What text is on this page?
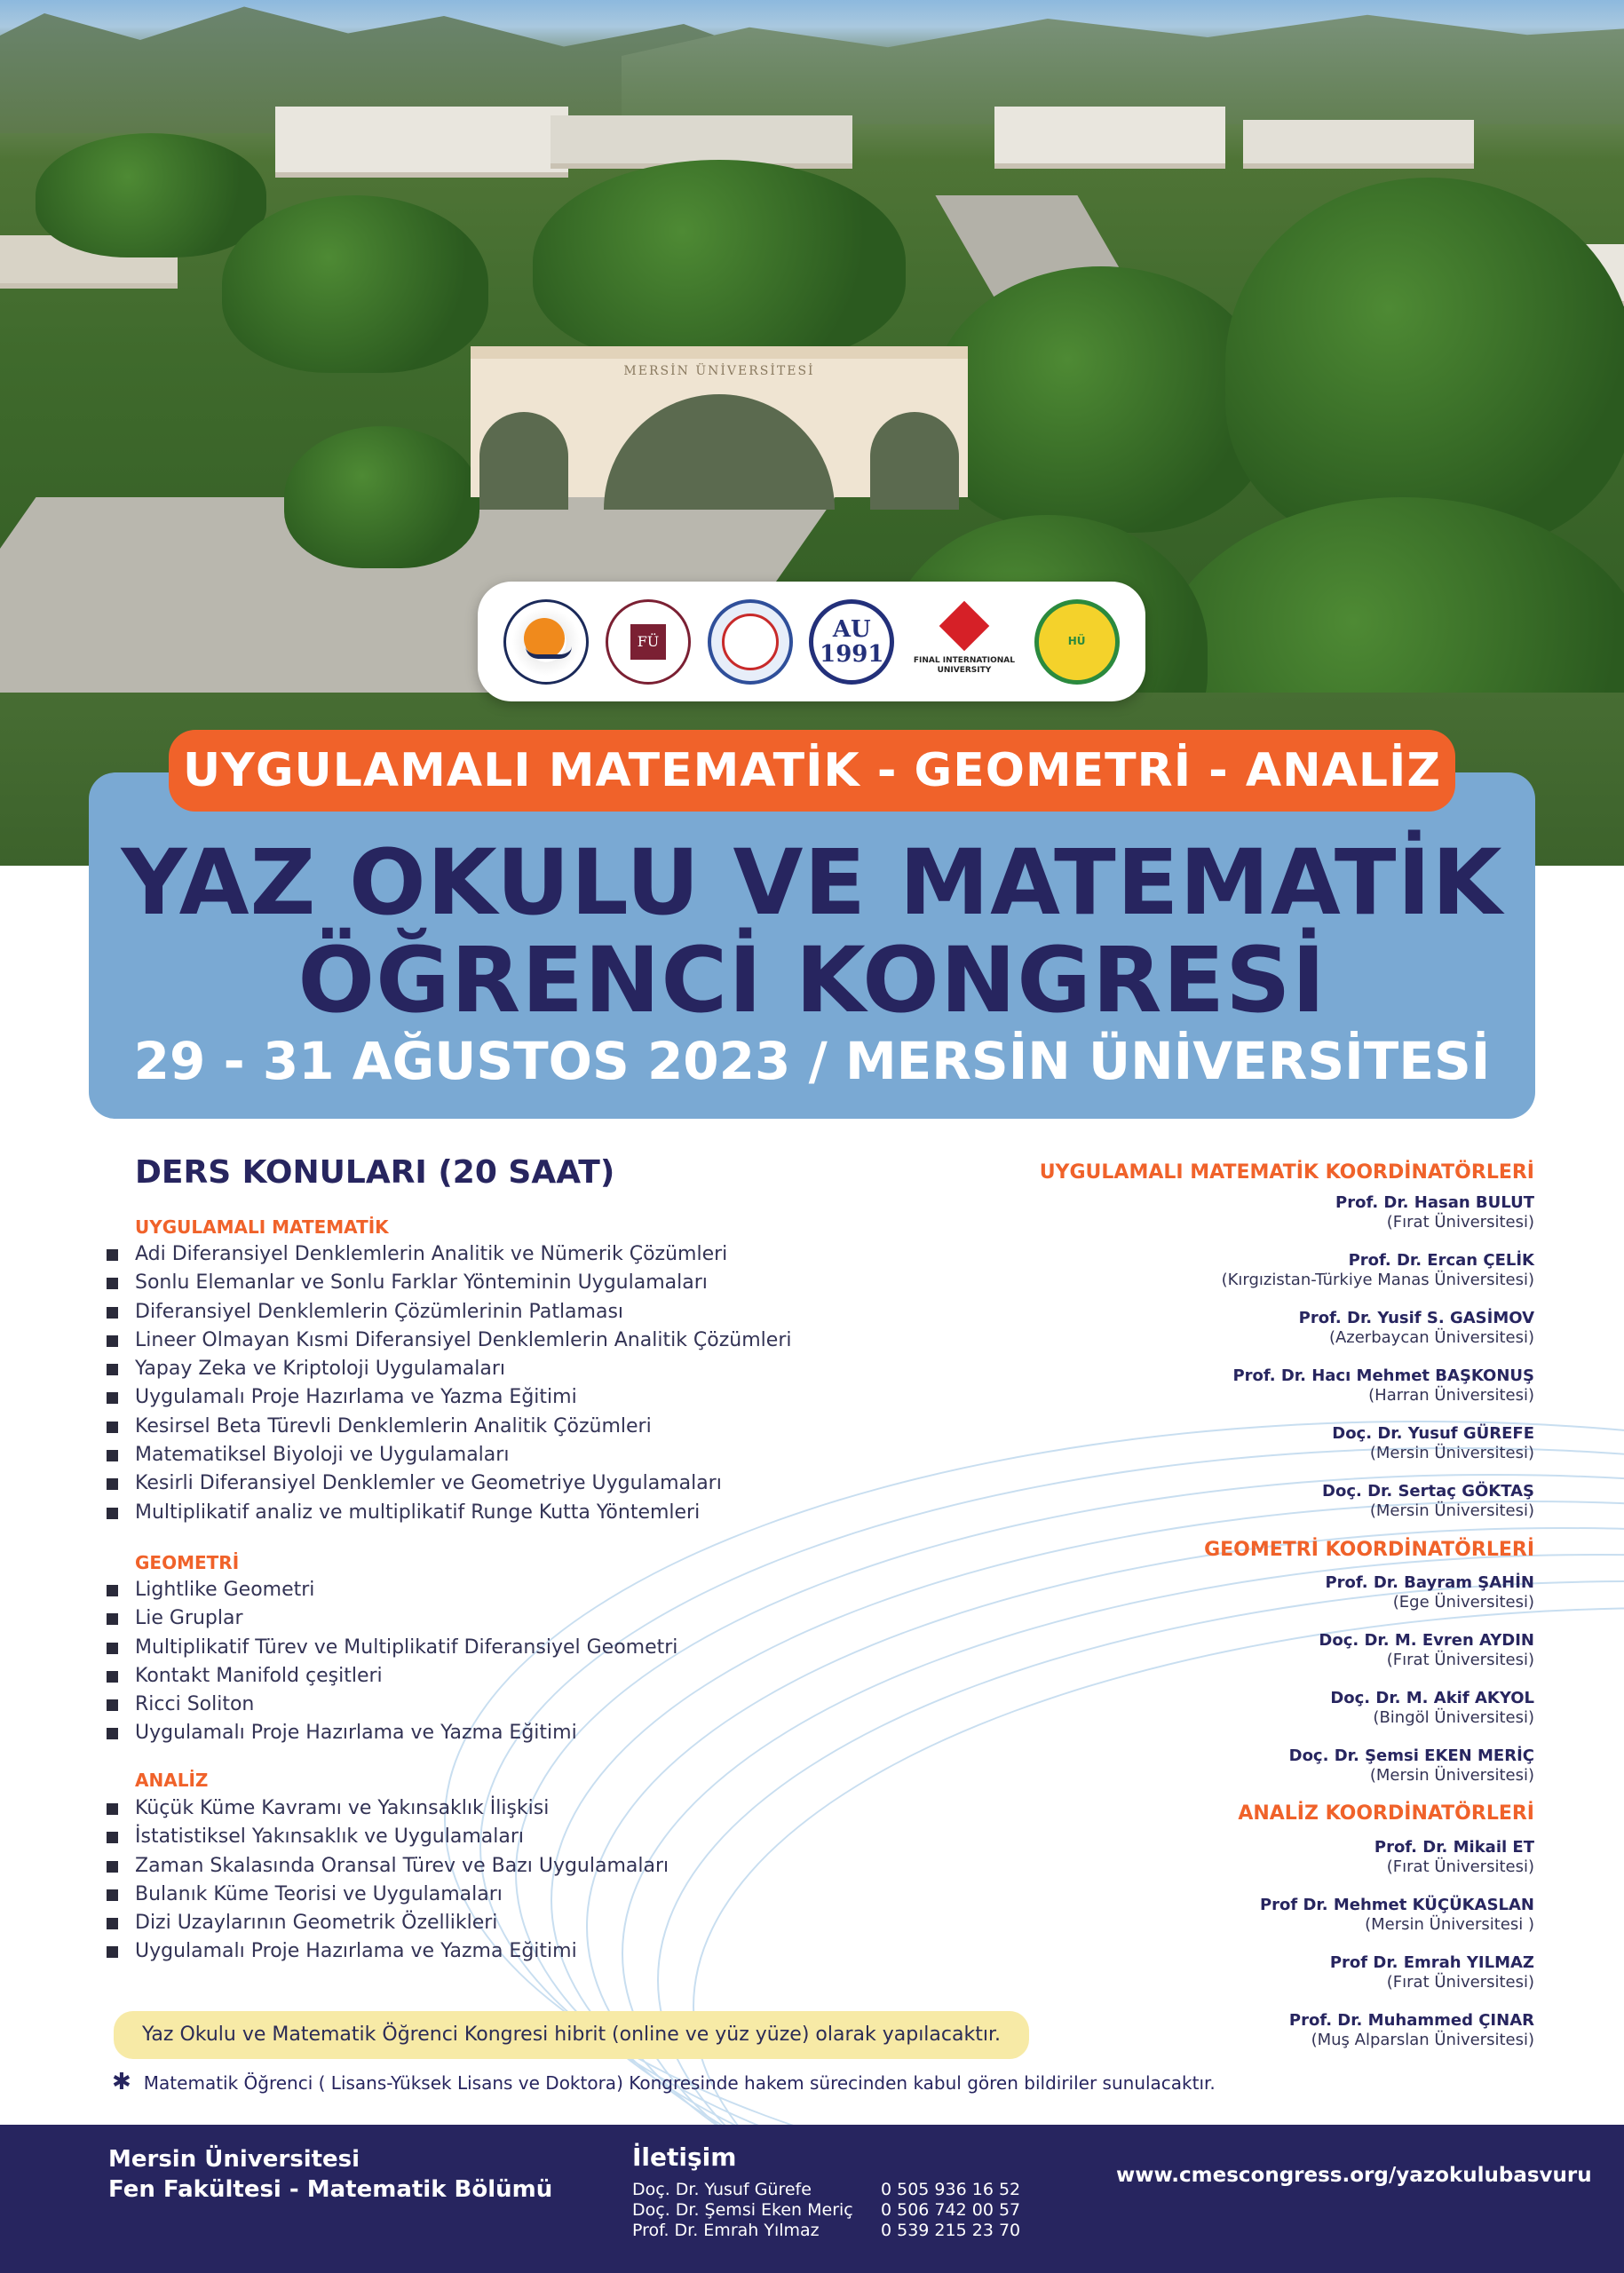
MERSİN ÜNİVERSİTESİ
FÜ	AU 1991	FINAL INTERNATIONAL UNIVERSITY
HÜ
UYGULAMALI MATEMATİK - GEOMETRİ - ANALİZ
YAZ OKULU VE MATEMATİK
ÖĞRENCİ KONGRESİ
29 - 31 AĞUSTOS 2023 / MERSİN ÜNİVERSİTESİ
DERS KONULARI (20 SAAT)
UYGULAMALI MATEMATİK
Adi Diferansiyel Denklemlerin Analitik ve Nümerik Çözümleri
Sonlu Elemanlar ve Sonlu Farklar Yönteminin Uygulamaları
Diferansiyel Denklemlerin Çözümlerinin Patlaması
Lineer Olmayan Kısmi Diferansiyel Denklemlerin Analitik Çözümleri
Yapay Zeka ve Kriptoloji Uygulamaları
Uygulamalı Proje Hazırlama ve Yazma Eğitimi
Kesirsel Beta Türevli Denklemlerin Analitik Çözümleri
Matematiksel Biyoloji ve Uygulamaları
Kesirli Diferansiyel Denklemler ve Geometriye Uygulamaları
Multiplikatif analiz ve multiplikatif Runge Kutta Yöntemleri
GEOMETRİ
Lightlike Geometri
Lie Gruplar
Multiplikatif Türev ve Multiplikatif Diferansiyel Geometri
Kontakt Manifold çeşitleri
Ricci Soliton
Uygulamalı Proje Hazırlama ve Yazma Eğitimi
ANALİZ
Küçük Küme Kavramı ve Yakınsaklık İlişkisi
İstatistiksel Yakınsaklık ve Uygulamaları
Zaman Skalasında Oransal Türev ve Bazı Uygulamaları
Bulanık Küme Teorisi ve Uygulamaları
Dizi Uzaylarının Geometrik Özellikleri
Uygulamalı Proje Hazırlama ve Yazma Eğitimi
UYGULAMALI MATEMATİK KOORDİNATÖRLERİ
Prof. Dr. Hasan BULUT
(Fırat Üniversitesi)
Prof. Dr. Ercan ÇELİK
(Kırgızistan-Türkiye Manas Üniversitesi)
Prof. Dr. Yusif S. GASİMOV
(Azerbaycan Üniversitesi)
Prof. Dr. Hacı Mehmet BAŞKONUŞ
(Harran Üniversitesi)
Doç. Dr. Yusuf GÜREFE
(Mersin Üniversitesi)
Doç. Dr. Sertaç GÖKTAŞ
(Mersin Üniversitesi)
GEOMETRİ KOORDİNATÖRLERİ
Prof. Dr. Bayram ŞAHİN
(Ege Üniversitesi)
Doç. Dr. M. Evren AYDIN
(Fırat Üniversitesi)
Doç. Dr. M. Akif AKYOL
(Bingöl Üniversitesi)
Doç. Dr. Şemsi EKEN MERİÇ
(Mersin Üniversitesi)
ANALİZ KOORDİNATÖRLERİ
Prof. Dr. Mikail ET
(Fırat Üniversitesi)
Prof Dr. Mehmet KÜÇÜKASLAN
(Mersin Üniversitesi )
Prof Dr. Emrah YILMAZ
(Fırat Üniversitesi)
Prof. Dr. Muhammed ÇINAR
(Muş Alparslan Üniversitesi)
Yaz Okulu ve Matematik Öğrenci Kongresi hibrit (online ve yüz yüze) olarak yapılacaktır.
✱ Matematik Öğrenci ( Lisans-Yüksek Lisans ve Doktora) Kongresinde hakem sürecinden kabul gören bildiriler sunulacaktır.
Mersin Üniversitesi
Fen Fakültesi - Matematik Bölümü
İletişim
Doç. Dr. Yusuf Gürefe	0 505 936 16 52
Doç. Dr. Şemsi Eken Meriç	0 506 742 00 57
Prof. Dr. Emrah Yılmaz	0 539 215 23 70
www.cmescongress.org/yazokulubasvuru
